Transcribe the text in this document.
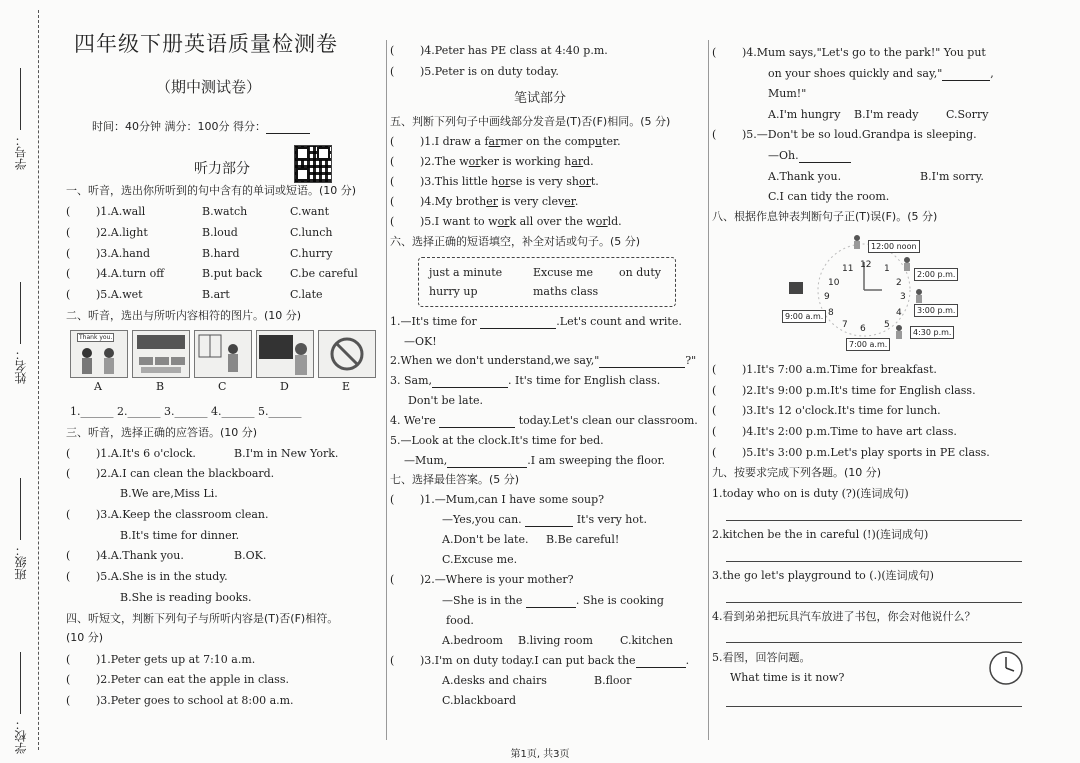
学号：
姓名：
班级：
学校：
四年级下册英语质量检测卷
（期中测试卷）
时间：40分钟 满分：100分 得分：
听力部分
一、听音，选出你所听到的句中含有的单词或短语。(10 分)
( )1.A.wall	B.watch	C.want
( )2.A.light	B.loud	C.lunch
( )3.A.hand	B.hard	C.hurry
( )4.A.turn off	B.put back	C.be careful
( )5.A.wet	B.art	C.late
二、听音，选出与所听内容相符的图片。(10 分)
Thank you.
A	B	C	D	E
1.______ 2.______ 3.______ 4.______ 5.______
三、听音，选择正确的应答语。(10 分)
( )1.A.It's 6 o'clock.	B.I'm in New York.
( )2.A.I can clean the blackboard.
B.We are,Miss Li.
( )3.A.Keep the classroom clean.
B.It's time for dinner.
( )4.A.Thank you.	B.OK.
( )5.A.She is in the study.
B.She is reading books.
四、听短文，判断下列句子与所听内容是(T)否(F)相符。
(10 分)
( )1.Peter gets up at 7:10 a.m.
( )2.Peter can eat the apple in class.
( )3.Peter goes to school at 8:00 a.m.
( )4.Peter has PE class at 4:40 p.m.
( )5.Peter is on duty today.
笔试部分
五、判断下列句子中画线部分发音是(T)否(F)相同。(5 分)
( )1.I draw a farmer on the computer.
( )2.The worker is working hard.
( )3.This little horse is very short.
( )4.My brother is very clever.
( )5.I want to work all over the world.
六、选择正确的短语填空，补全对话或句子。(5 分)
just a minute	Excuse me on duty
hurry up	maths class
1.—It's time for	.Let's count and write.
—OK!
2.When we don't understand,we say,"	?"
3. Sam,	. It's time for English class.
Don't be late.
4. We're	today.Let's clean our classroom.
5.—Look at the clock.It's time for bed.
—Mum,	.I am sweeping the floor.
七、选择最佳答案。(5 分)
( )1.—Mum,can I have some soup?
—Yes,you can.	It's very hot.
A.Don't be late. B.Be careful!
C.Excuse me.
( )2.—Where is your mother?
—She is in the	. She is cooking
food.
A.bedroom B.living room C.kitchen
( )3.I'm on duty today.I can put back the	.
A.desks and chairs	B.floor
C.blackboard
( )4.Mum says,"Let's go to the park!" You put
on your shoes quickly and say,"	,
Mum!"
A.I'm hungry B.I'm ready	C.Sorry
( )5.—Don't be so loud.Grandpa is sleeping.
—Oh.
A.Thank you.	B.I'm sorry.
C.I can tidy the room.
八、根据作息钟表判断句子正(T)误(F)。(5 分)
11 12 1
10	2
9	3
8	4
7 6 5
12:00 noon
2:00 p.m.
3:00 p.m.
4:30 p.m.
7:00 a.m.
9:00 a.m.
( )1.It's 7:00 a.m.Time for breakfast.
( )2.It's 9:00 p.m.It's time for English class.
( )3.It's 12 o'clock.It's time for lunch.
( )4.It's 2:00 p.m.Time to have art class.
( )5.It's 3:00 p.m.Let's play sports in PE class.
九、按要求完成下列各题。(10 分)
1.today who on is duty (?)(连词成句)
2.kitchen be the in careful (!)(连词成句)
3.the go let's playground to (.)(连词成句)
4.看到弟弟把玩具汽车放进了书包，你会对他说什么？
5.看图，回答问题。
What time is it now?
第1页, 共3页
